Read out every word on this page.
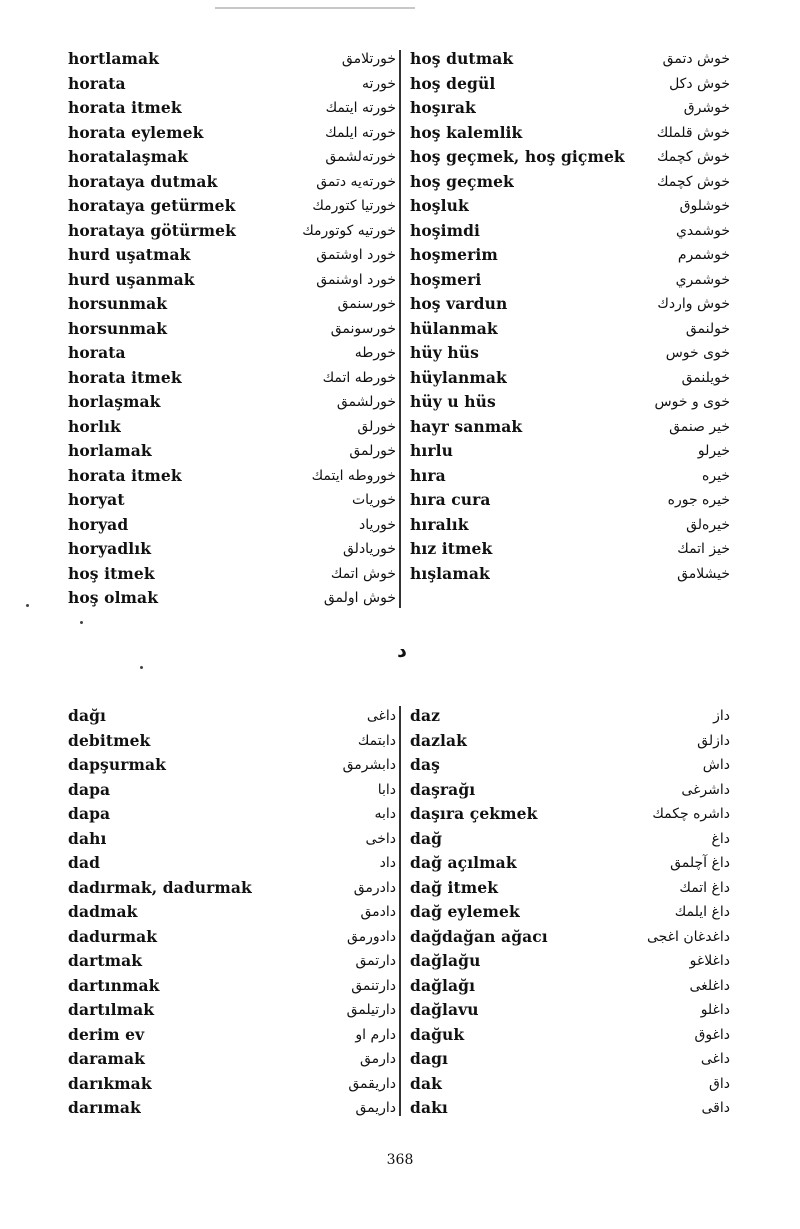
hortlamak	خورتلامق
horata	خورته
horata itmek	خورته ايتمك
horata eylemek	خورته ايلمك
horatalaşmak	خورتەلشمق
horataya dutmak	خورتەيە دتمق
horataya getürmek	خورتيا كتورمك
horataya götürmek	خورتيه كوتورمك
hurd uşatmak	خورد اوشتمق
hurd uşanmak	خورد اوشنمق
horsunmak	خورسنمق
horsunmak	خورسونمق
horata	خورطه
horata itmek	خورطه اتمك
horlaşmak	خورلشمق
horlık	خورلق
horlamak	خورلمق
horata itmek	خوروطه ايتمك
horyat	خوريات
horyad	خورياد
horyadlık	خوريادلق
hoş itmek	خوش اتمك
hoş olmak	خوش اولمق
hoş dutmak	خوش دتمق
hoş degül	خوش دكل
hoşırak	خوشرق
hoş kalemlik	خوش قلملك
hoş geçmek, hoş giçmek خوش كچمك
hoş geçmek	خوش كچمك
hoşluk	خوشلوق
hoşimdi	خوشمدي
hoşmerim	خوشمرم
hoşmeri	خوشمري
hoş vardun	خوش واردك
hülanmak	خولنمق
hüy hüs	خوى خوس
hüylanmak	خويلنمق
hüy u hüs	خوى و خوس
hayr sanmak	خير صنمق
hırlu	خيرلو
hıra	خيره
hıra cura	خيره جوره
hıralık	خيرەلق
hız itmek	خيز اتمك
hışlamak	خيشلامق
د
dağı	داغى
debitmek	دابتمك
dapşurmak	دابشرمق
dapa	دابا
dapa	دابه
dahı	داخى
dad	داد
dadırmak, dadurmak	دادرمق
dadmak	دادمق
dadurmak	دادورمق
dartmak	دارتمق
dartınmak	دارتنمق
dartılmak	دارتيلمق
derim ev	دارم او
daramak	دارمق
darıkmak	داريقمق
darımak	داريمق
daz	داز
dazlak	دازلق
daş	داش
daşrağı	داشرغى
daşıra çekmek	داشره چكمك
dağ	داغ
dağ açılmak	داغ آچلمق
dağ itmek	داغ اتمك
dağ eylemek	داغ ايلمك
dağdağan ağacı	داغدغان اغجى
dağlağu	داغلاغو
dağlağı	داغلغى
dağlavu	داغلو
dağuk	داغوق
dagı	داغى
dak	داق
dakı	داقى
368
